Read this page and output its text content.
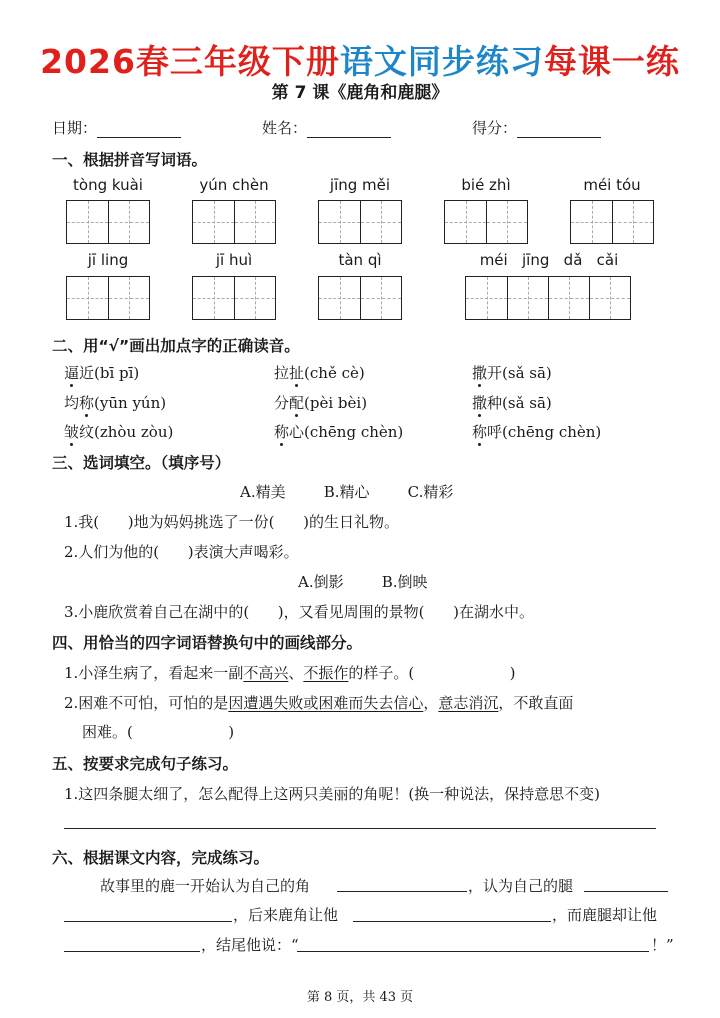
2026春三年级下册语文同步练习每课一练
第 7 课《鹿角和鹿腿》
日期：	姓名：	得分：
一、根据拼音写词语。
tòng kuài	yún chèn	jīng měi	bié zhì	méi tóu
jī ling	jī huì	tàn qì	méi   jīng   dǎ   cǎi
二、用“√”画出加点字的正确读音。
逼近(bī pī)	拉扯(chě cè)	撒开(sǎ sā)
均称(yūn yún)	分配(pèi bèi)	撒种(sǎ sā)
皱纹(zhòu zòu)	称心(chēng chèn)	称呼(chēng chèn)
三、选词填空。（填序号）
A.精美        B.精心        C.精彩
1.我(      )地为妈妈挑选了一份(      )的生日礼物。
2.人们为他的(      )表演大声喝彩。
A.倒影        B.倒映
3.小鹿欣赏着自己在湖中的(      )，又看见周围的景物(      )在湖水中。
四、用恰当的四字词语替换句中的画线部分。
1.小泽生病了，看起来一副不高兴、不振作的样子。(                    )
2.困难不可怕，可怕的是因遭遇失败或困难而失去信心，意志消沉，不敢直面
困难。(                    )
五、按要求完成句子练习。
1.这四条腿太细了，怎么配得上这两只美丽的角呢！(换一种说法，保持意思不变)
六、根据课文内容，完成练习。
故事里的鹿一开始认为自己的角	，认为自己的腿
，后来鹿角让他	，而鹿腿却让他
，结尾他说：“	！”
第 8 页，共 43 页
